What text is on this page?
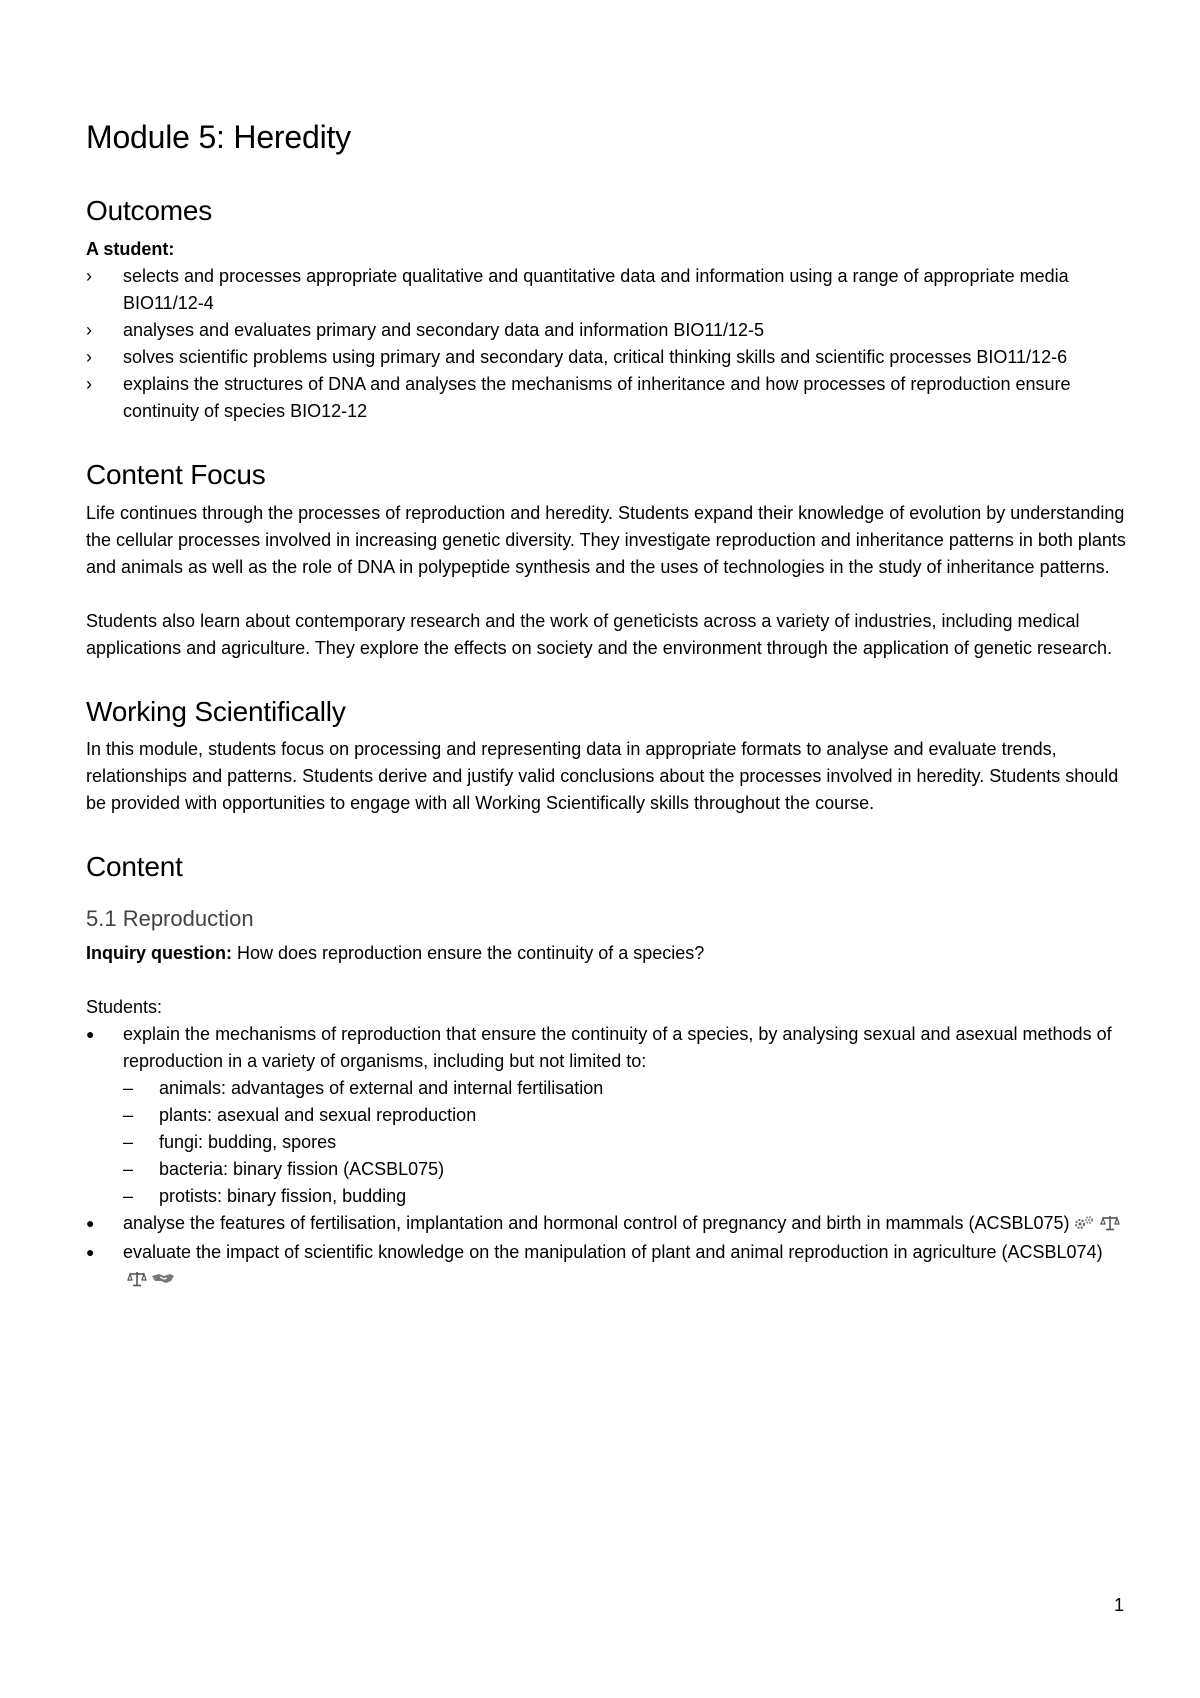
Module 5: Heredity
Outcomes

A student:

›	selects and processes appropriate qualitative and quantitative data and information using a range of appropriate media BIO11/12-4
›	analyses and evaluates primary and secondary data and information BIO11/12-5
›	solves scientific problems using primary and secondary data, critical thinking skills and scientific processes BIO11/12-6
›	explains the structures of DNA and analyses the mechanisms of inheritance and how processes of reproduction ensure continuity of species BIO12-12
Content Focus

Life continues through the processes of reproduction and heredity. Students expand their knowledge of evolution by understanding the cellular processes involved in increasing genetic diversity. They investigate reproduction and inheritance patterns in both plants and animals as well as the role of DNA in polypeptide synthesis and the uses of technologies in the study of inheritance patterns.

Students also learn about contemporary research and the work of geneticists across a variety of industries, including medical applications and agriculture. They explore the effects on society and the environment through the application of genetic research.

Working Scientifically

In this module, students focus on processing and representing data in appropriate formats to analyse and evaluate trends, relationships and patterns. Students derive and justify valid conclusions about the processes involved in heredity. Students should be provided with opportunities to engage with all Working Scientifically skills throughout the course.

Content
5.1 Reproduction

Inquiry question: How does reproduction ensure the continuity of a species?

Students:

●	explain the mechanisms of reproduction that ensure the continuity of a species, by analysing sexual and asexual methods of reproduction in a variety of organisms, including but not limited to:
–	animals: advantages of external and internal fertilisation
–	plants: asexual and sexual reproduction
–	fungi: budding, spores
–	bacteria: binary fission (ACSBL075)
–	protists: binary fission, budding
●	analyse the features of fertilisation, implantation and hormonal control of pregnancy and birth in mammals (ACSBL075)
●	evaluate the impact of scientific knowledge on the manipulation of plant and animal reproduction in agriculture (ACSBL074)
1
